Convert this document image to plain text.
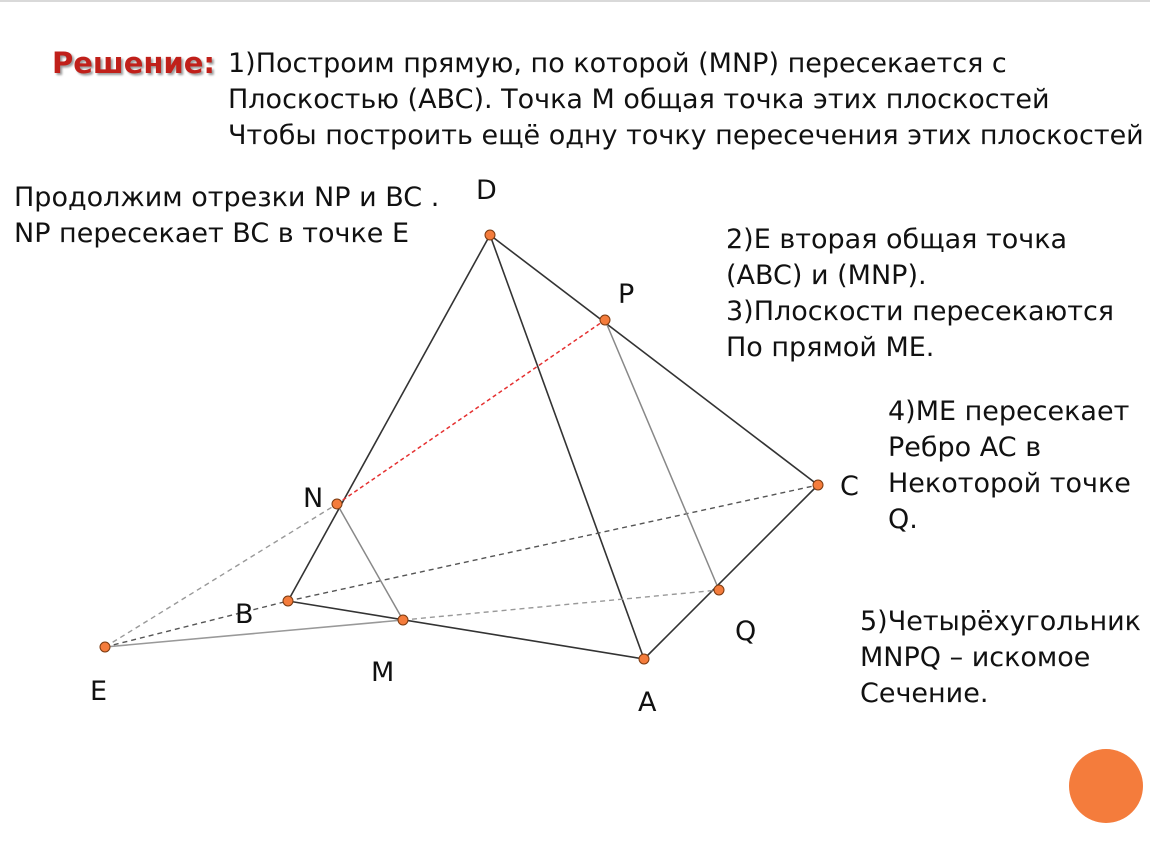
Решение: 1)Построим прямую, по которой (MNP) пересекается с
Плоскостью (ABC). Точка M общая точка этих плоскостей
Чтобы построить ещё одну точку пересечения этих плоскостей
Продолжим отрезки NP и BC .
NP пересекает BC в точке E	2)E вторая общая точка
(ABC) и (MNP).
3)Плоскости пересекаются
По прямой ME.
4)ME пересекает
Ребро AC в
Некоторой точке
Q.
5)Четырёхугольник
MNPQ – искомое
Сечение.
D
P
N	C
B
Q
M
E	A
